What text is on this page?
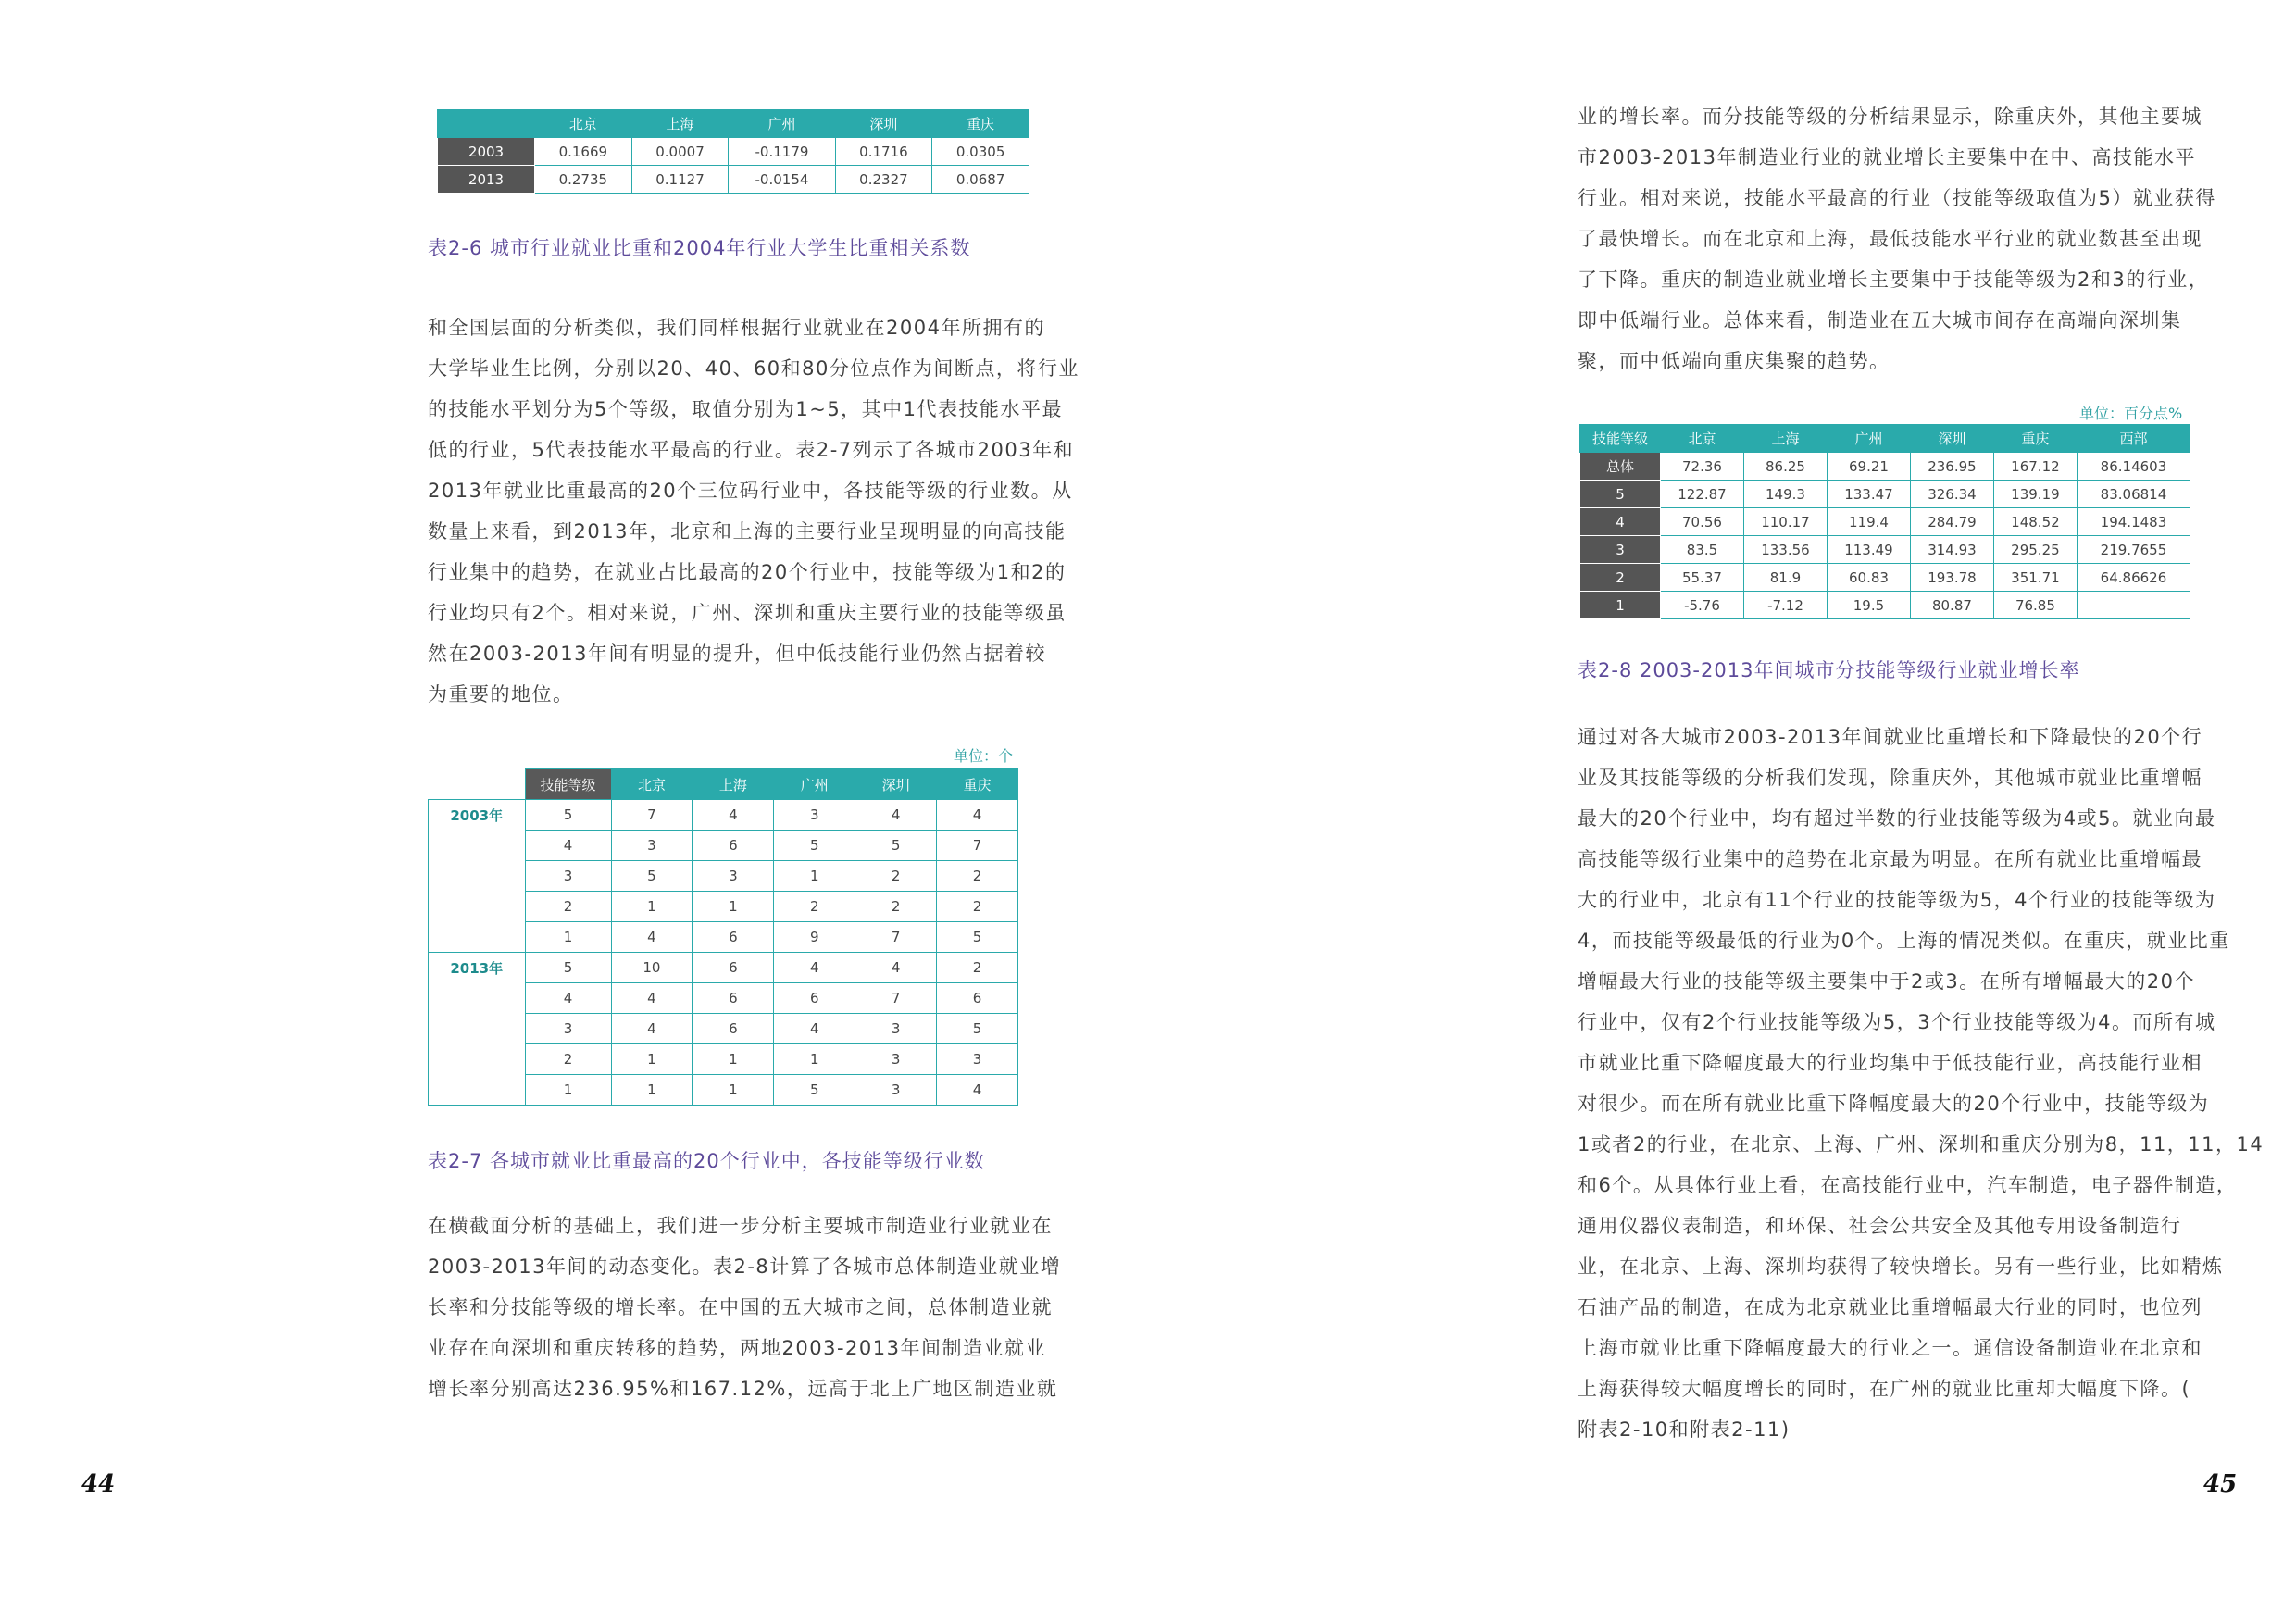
	北京	上海	广州	深圳	重庆
2003	0.1669	0.0007	-0.1179	0.1716	0.0305
2013	0.2735	0.1127	-0.0154	0.2327	0.0687

表2-6 城市行业就业比重和2004年行业大学生比重相关系数

和全国层面的分析类似，我们同样根据行业就业在2004年所拥有的
大学毕业生比例，分别以20、40、60和80分位点作为间断点，将行业
的技能水平划分为5个等级，取值分别为1~5，其中1代表技能水平最
低的行业，5代表技能水平最高的行业。表2-7列示了各城市2003年和
2013年就业比重最高的20个三位码行业中，各技能等级的行业数。从
数量上来看，到2013年，北京和上海的主要行业呈现明显的向高技能
行业集中的趋势，在就业占比最高的20个行业中，技能等级为1和2的
行业均只有2个。相对来说，广州、深圳和重庆主要行业的技能等级虽
然在2003-2013年间有明显的提升，但中低技能行业仍然占据着较
为重要的地位。
单位：个
	技能等级	北京	上海	广州	深圳	重庆
2003年	5	7	4	3	4	4
	4	3	6	5	5	7
	3	5	3	1	2	2
	2	1	1	2	2	2
	1	4	6	9	7	5
2013年	5	10	6	4	4	2
	4	4	6	6	7	6
	3	4	6	4	3	5
	2	1	1	1	3	3
	1	1	1	5	3	4

表2-7 各城市就业比重最高的20个行业中，各技能等级行业数

在横截面分析的基础上，我们进一步分析主要城市制造业行业就业在
2003-2013年间的动态变化。表2-8计算了各城市总体制造业就业增
长率和分技能等级的增长率。在中国的五大城市之间，总体制造业就
业存在向深圳和重庆转移的趋势，两地2003-2013年间制造业就业
增长率分别高达236.95%和167.12%，远高于北上广地区制造业就
44
业的增长率。而分技能等级的分析结果显示，除重庆外，其他主要城
市2003-2013年制造业行业的就业增长主要集中在中、高技能水平
行业。相对来说，技能水平最高的行业（技能等级取值为5）就业获得
了最快增长。而在北京和上海，最低技能水平行业的就业数甚至出现
了下降。重庆的制造业就业增长主要集中于技能等级为2和3的行业，
即中低端行业。总体来看，制造业在五大城市间存在高端向深圳集
聚，而中低端向重庆集聚的趋势。
单位：百分点%
技能等级	北京	上海	广州	深圳	重庆	西部
总体	72.36	86.25	69.21	236.95	167.12	86.14603
5	122.87	149.3	133.47	326.34	139.19	83.06814
4	70.56	110.17	119.4	284.79	148.52	194.1483
3	83.5	133.56	113.49	314.93	295.25	219.7655
2	55.37	81.9	60.83	193.78	351.71	64.86626
1	-5.76	-7.12	19.5	80.87	76.85	

表2-8 2003-2013年间城市分技能等级行业就业增长率

通过对各大城市2003-2013年间就业比重增长和下降最快的20个行
业及其技能等级的分析我们发现，除重庆外，其他城市就业比重增幅
最大的20个行业中，均有超过半数的行业技能等级为4或5。就业向最
高技能等级行业集中的趋势在北京最为明显。在所有就业比重增幅最
大的行业中，北京有11个行业的技能等级为5，4个行业的技能等级为
4，而技能等级最低的行业为0个。上海的情况类似。在重庆，就业比重
增幅最大行业的技能等级主要集中于2或3。在所有增幅最大的20个
行业中，仅有2个行业技能等级为5，3个行业技能等级为4。而所有城
市就业比重下降幅度最大的行业均集中于低技能行业，高技能行业相
对很少。而在所有就业比重下降幅度最大的20个行业中，技能等级为
1或者2的行业，在北京、上海、广州、深圳和重庆分别为8，11，11，14
和6个。从具体行业上看，在高技能行业中，汽车制造，电子器件制造，
通用仪器仪表制造，和环保、社会公共安全及其他专用设备制造行
业，在北京、上海、深圳均获得了较快增长。另有一些行业，比如精炼
石油产品的制造，在成为北京就业比重增幅最大行业的同时，也位列
上海市就业比重下降幅度最大的行业之一。通信设备制造业在北京和
上海获得较大幅度增长的同时，在广州的就业比重却大幅度下降。(
附表2-10和附表2-11)
45
